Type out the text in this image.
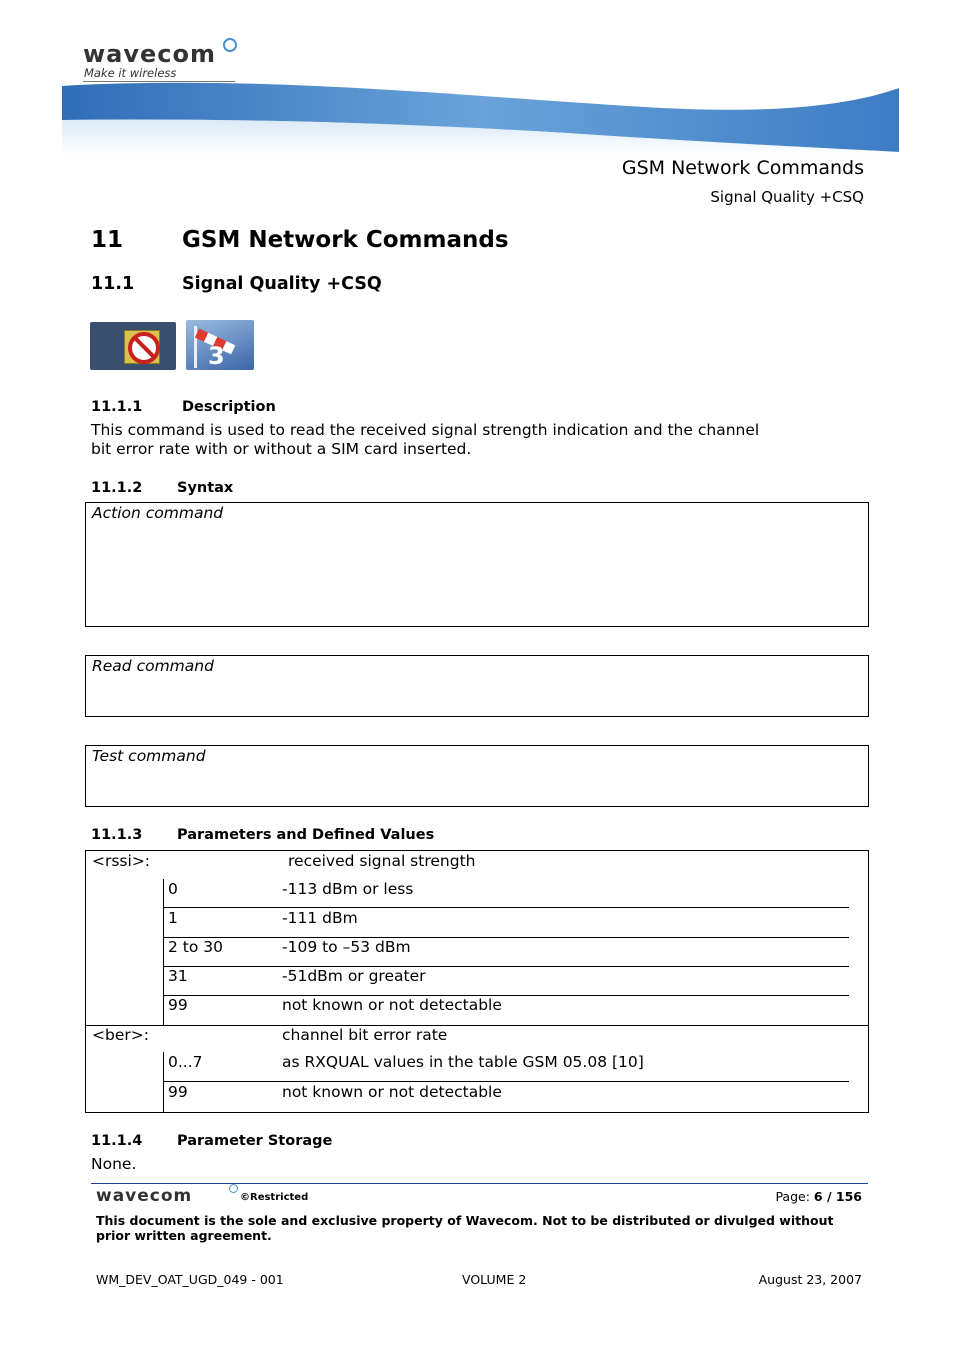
wavecom
Make it wireless
GSM Network Commands
Signal Quality +CSQ
11	GSM Network Commands
11.1	Signal Quality +CSQ
3
11.1.1	Description
This command is used to read the received signal strength indication and the channel
bit error rate with or without a SIM card inserted.
11.1.2 Syntax
Action command
Read command
Test command
11.1.3 Parameters and Defined Values
<rssi>:	received signal strength
0	-113 dBm or less
1	-111 dBm
2 to 30	-109 to –53 dBm
31	-51dBm or greater
99	not known or not detectable
<ber>:	channel bit error rate
0...7	as RXQUAL values in the table GSM 05.08 [10]
99	not known or not detectable
11.1.4 Parameter Storage
None.
wavecom	©Restricted	Page: 6 / 156
This document is the sole and exclusive property of Wavecom. Not to be distributed or divulged without
prior written agreement.
WM_DEV_OAT_UGD_049 - 001	VOLUME 2	August 23, 2007
